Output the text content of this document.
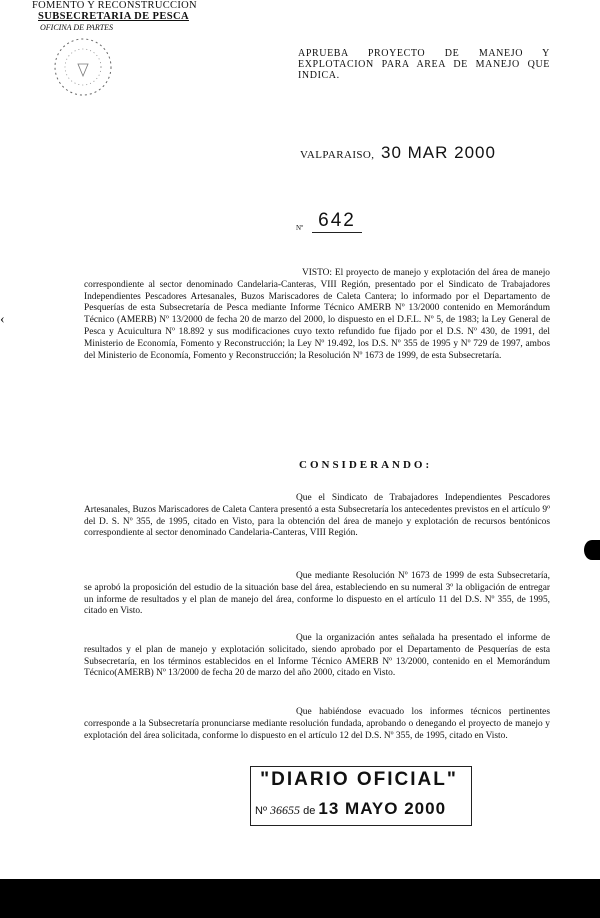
FOMENTO Y RECONSTRUCCION
SUBSECRETARIA DE PESCA
OFICINA DE PARTES
APRUEBA PROYECTO DE MANEJO Y EXPLOTACION PARA AREA DE MANEJO QUE INDICA.
VALPARAISO, 30 MAR 2000
Nº 642
VISTO: El proyecto de manejo y explotación del área de manejo correspondiente al sector denominado Candelaria-Canteras, VIII Región, presentado por el Sindicato de Trabajadores Independientes Pescadores Artesanales, Buzos Mariscadores de Caleta Cantera; lo informado por el Departamento de Pesquerías de esta Subsecretaría de Pesca mediante Informe Técnico AMERB Nº 13/2000 contenido en Memorándum Técnico (AMERB) Nº 13/2000 de fecha 20 de marzo del 2000, lo dispuesto en el D.F.L. Nº 5, de 1983; la Ley General de Pesca y Acuicultura Nº 18.892 y sus modificaciones cuyo texto refundido fue fijado por el D.S. Nº 430, de 1991, del Ministerio de Economía, Fomento y Reconstrucción; la Ley Nº 19.492, los D.S. Nº 355 de 1995 y Nº 729 de 1997, ambos del Ministerio de Economía, Fomento y Reconstrucción; la Resolución Nº 1673 de 1999, de esta Subsecretaría.
CONSIDERANDO:
Que el Sindicato de Trabajadores Independientes Pescadores Artesanales, Buzos Mariscadores de Caleta Cantera presentó a esta Subsecretaría los antecedentes previstos en el artículo 9º del D. S. Nº 355, de 1995, citado en Visto, para la obtención del área de manejo y explotación de recursos bentónicos correspondiente al sector denominado Candelaria-Canteras, VIII Región.
Que mediante Resolución Nº 1673 de 1999 de esta Subsecretaría, se aprobó la proposición del estudio de la situación base del área, estableciendo en su numeral 3º la obligación de entregar un informe de resultados y el plan de manejo del área, conforme lo dispuesto en el artículo 11 del D.S. Nº 355, de 1995, citado en Visto.
Que la organización antes señalada ha presentado el informe de resultados y el plan de manejo y explotación solicitado, siendo aprobado por el Departamento de Pesquerías de esta Subsecretaría, en los términos establecidos en el Informe Técnico AMERB Nº 13/2000, contenido en el Memorándum Técnico(AMERB) Nº 13/2000 de fecha 20 de marzo del año 2000, citado en Visto.
Que habiéndose evacuado los informes técnicos pertinentes corresponde a la Subsecretaría pronunciarse mediante resolución fundada, aprobando o denegando el proyecto de manejo y explotación del área solicitada, conforme lo dispuesto en el artículo 12 del D.S. Nº 355, de 1995, citado en Visto.
"DIARIO OFICIAL"
Nº 36655 de 13 MAYO 2000
‹
